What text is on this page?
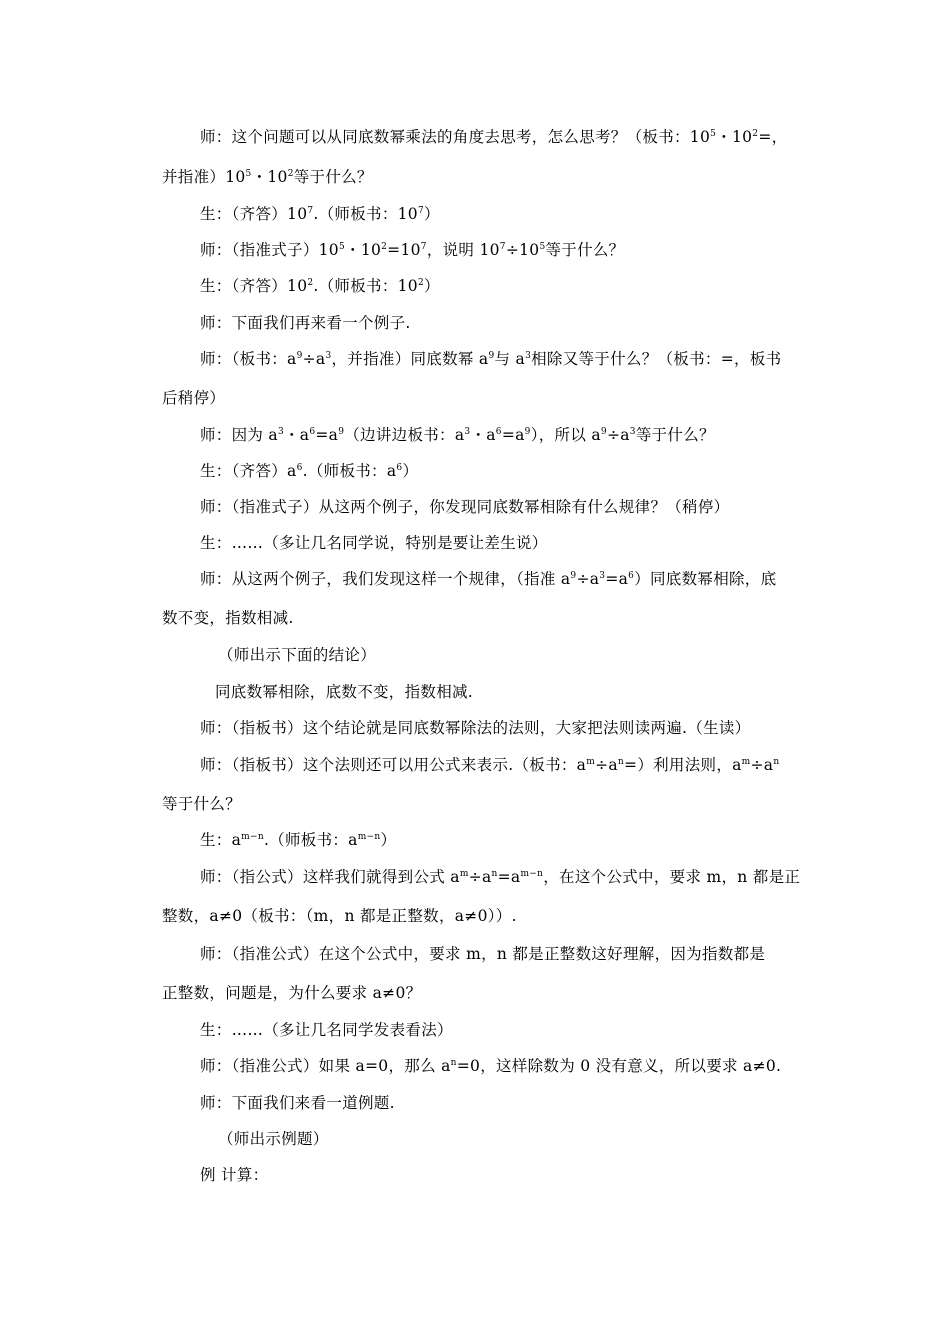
师：这个问题可以从同底数幂乘法的角度去思考，怎么思考？（板书：$10^5$・$10^2=$，
并指准）$10^5$・$10^2$等于什么？
生：（齐答）$10^7$.（师板书：$10^7$）
师：（指准式子）$10^5$・$10^2=10^7$，说明 $10^7\div 10^5$等于什么？
生：（齐答）$10^2$.（师板书：$10^2$）
师：下面我们再来看一个例子.
师：（板书：$a^9\div a^3$，并指准）同底数幂 $a^9$与 $a^3$相除又等于什么？（板书：=，板书
后稍停）
师：因为 $a^3$・$a^6=a^9$（边讲边板书：$a^3$・$a^6=a^9$），所以 $a^9\div a^3$等于什么？
生：（齐答）$a^6$.（师板书：$a^6$）
师：（指准式子）从这两个例子，你发现同底数幂相除有什么规律？（稍停）
生：……（多让几名同学说，特别是要让差生说）
师：从这两个例子，我们发现这样一个规律，（指准 $a^9\div a^3=a^6$）同底数幂相除，底
数不变，指数相减.
（师出示下面的结论）
同底数幂相除，底数不变，指数相减.
师：（指板书）这个结论就是同底数幂除法的法则，大家把法则读两遍.（生读）
师：（指板书）这个法则还可以用公式来表示.（板书：$a^m\div a^n=$）利用法则，$a^m\div a^n$
等于什么？
生：$a^{m-n}$.（师板书：$a^{m-n}$）
师：（指公式）这样我们就得到公式 $a^m\div a^n=a^{m-n}$，在这个公式中，要求 m，n 都是正
整数，a≠0（板书：（m，n 都是正整数，a≠0））.
师：（指准公式）在这个公式中，要求 m，n 都是正整数这好理解，因为指数都是
正整数，问题是，为什么要求 a≠0？
生：……（多让几名同学发表看法）
师：（指准公式）如果 a=0，那么 $a^n=0$，这样除数为 0 没有意义，所以要求 a≠0.
师：下面我们来看一道例题.
（师出示例题）
例 计算：
